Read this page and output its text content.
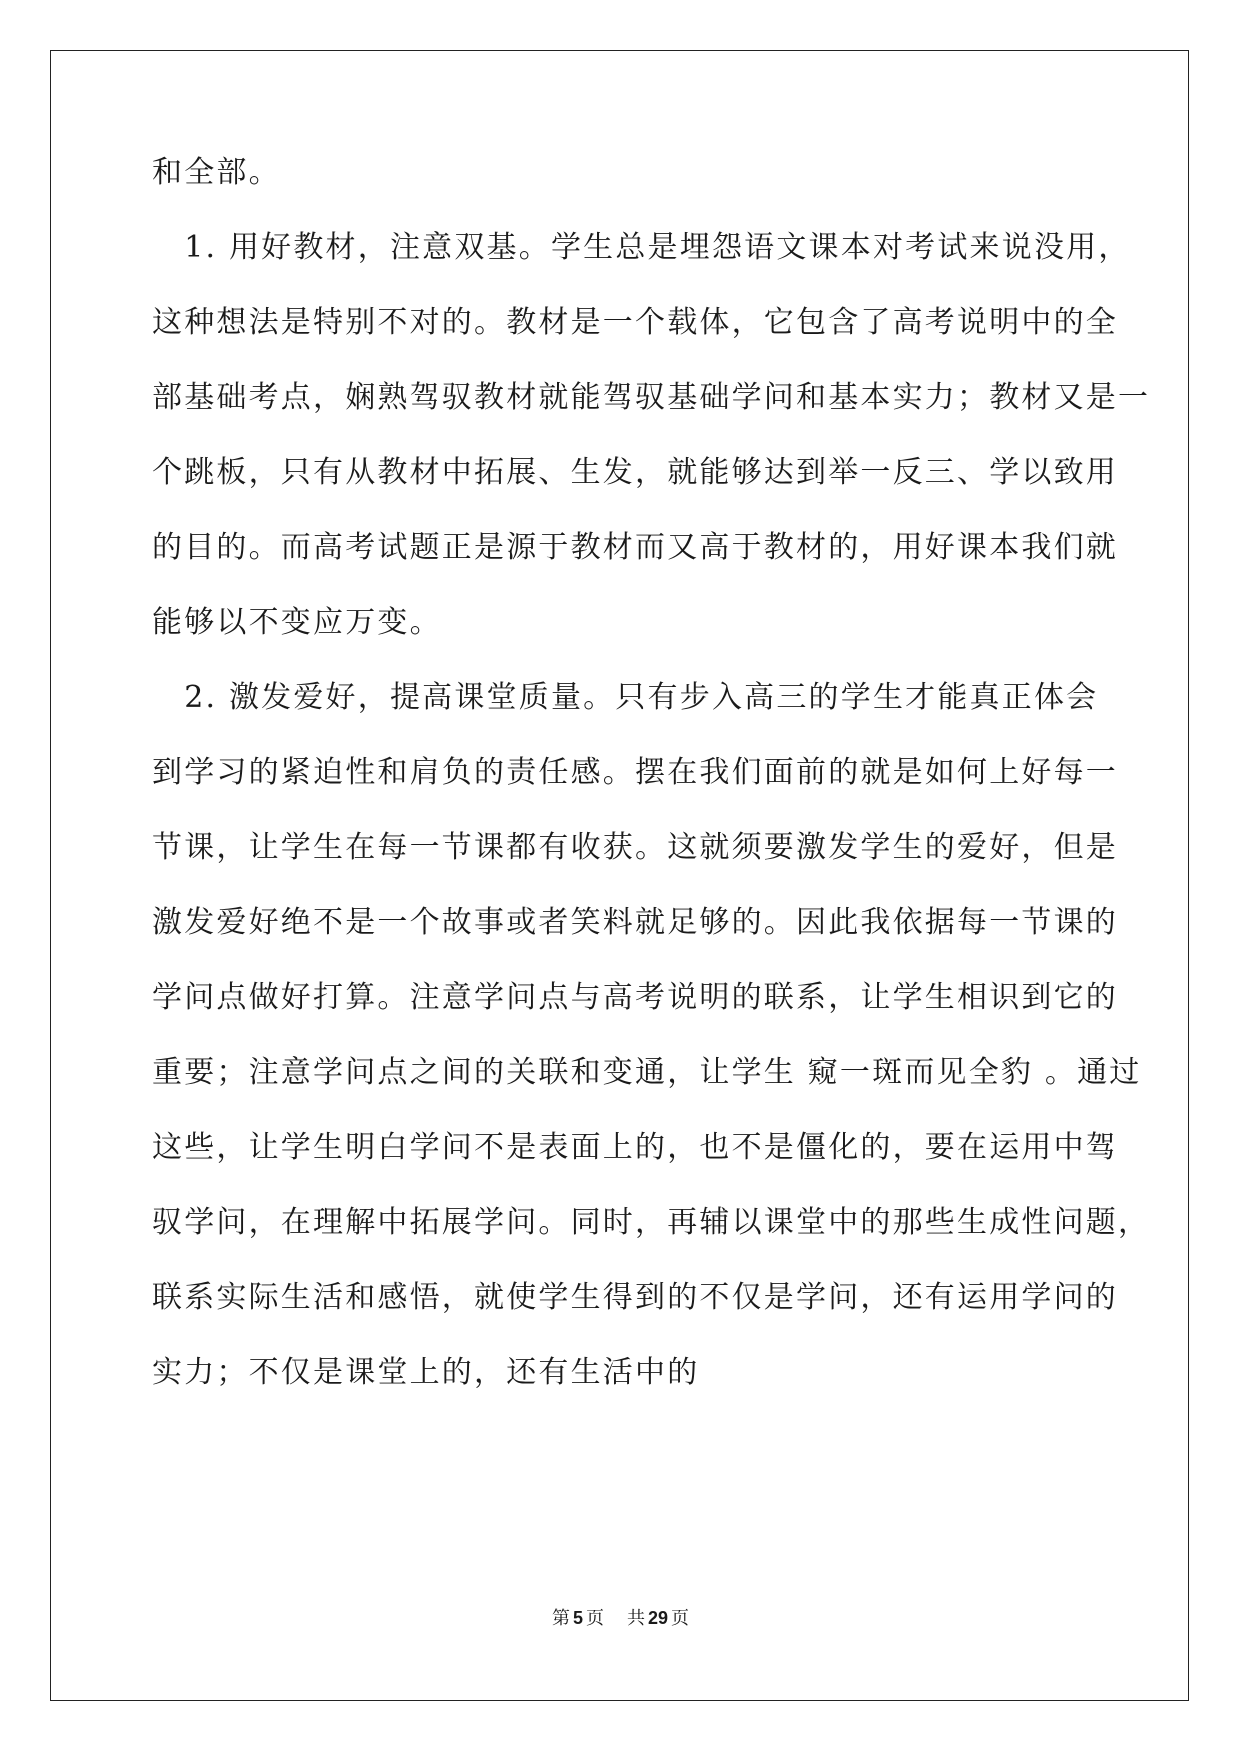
和全部。
　1. 用好教材，注意双基。学生总是埋怨语文课本对考试来说没用，
这种想法是特别不对的。教材是一个载体，它包含了高考说明中的全
部基础考点，娴熟驾驭教材就能驾驭基础学问和基本实力；教材又是一
个跳板，只有从教材中拓展、生发，就能够达到举一反三、学以致用
的目的。而高考试题正是源于教材而又高于教材的，用好课本我们就
能够以不变应万变。
　2. 激发爱好，提高课堂质量。只有步入高三的学生才能真正体会
到学习的紧迫性和肩负的责任感。摆在我们面前的就是如何上好每一
节课，让学生在每一节课都有收获。这就须要激发学生的爱好，但是
激发爱好绝不是一个故事或者笑料就足够的。因此我依据每一节课的
学问点做好打算。注意学问点与高考说明的联系，让学生相识到它的
重要；注意学问点之间的关联和变通，让学生 窥一斑而见全豹 。通过
这些，让学生明白学问不是表面上的，也不是僵化的，要在运用中驾
驭学问，在理解中拓展学问。同时，再辅以课堂中的那些生成性问题，
联系实际生活和感悟，就使学生得到的不仅是学问，还有运用学问的
实力；不仅是课堂上的，还有生活中的
第 5 页 共 29 页
